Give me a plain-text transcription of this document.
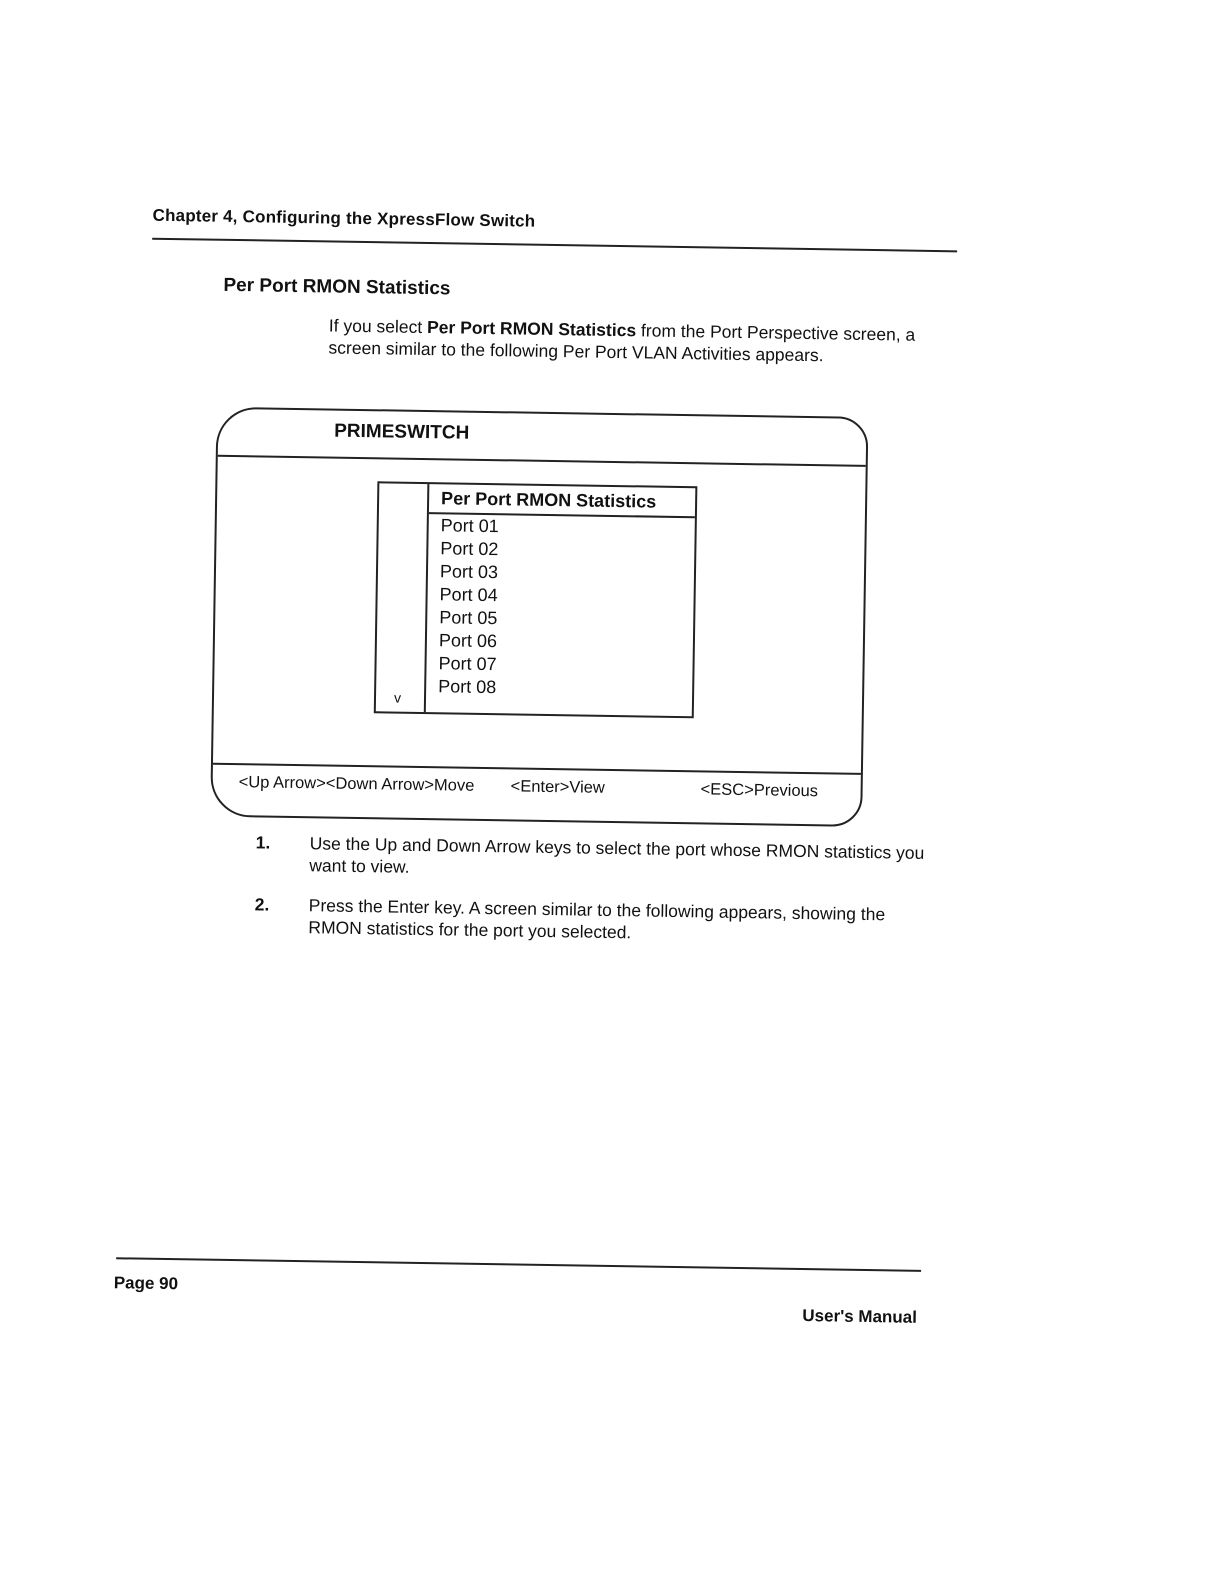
Chapter 4, Configuring the XpressFlow Switch
Per Port RMON Statistics
If you select Per Port RMON Statistics from the Port Perspective screen, a screen similar to the following Per Port VLAN Activities appears.
PRIMESWITCH
Per Port RMON Statistics
Port 01
Port 02
Port 03
Port 04
Port 05
Port 06
Port 07
Port 08
v
<Up Arrow><Down Arrow>Move <Enter>View	<ESC>Previous
1. Use the Up and Down Arrow keys to select the port whose RMON statistics you want to view.
2. Press the Enter key. A screen similar to the following appears, showing the RMON statistics for the port you selected.
Page 90
User's Manual
